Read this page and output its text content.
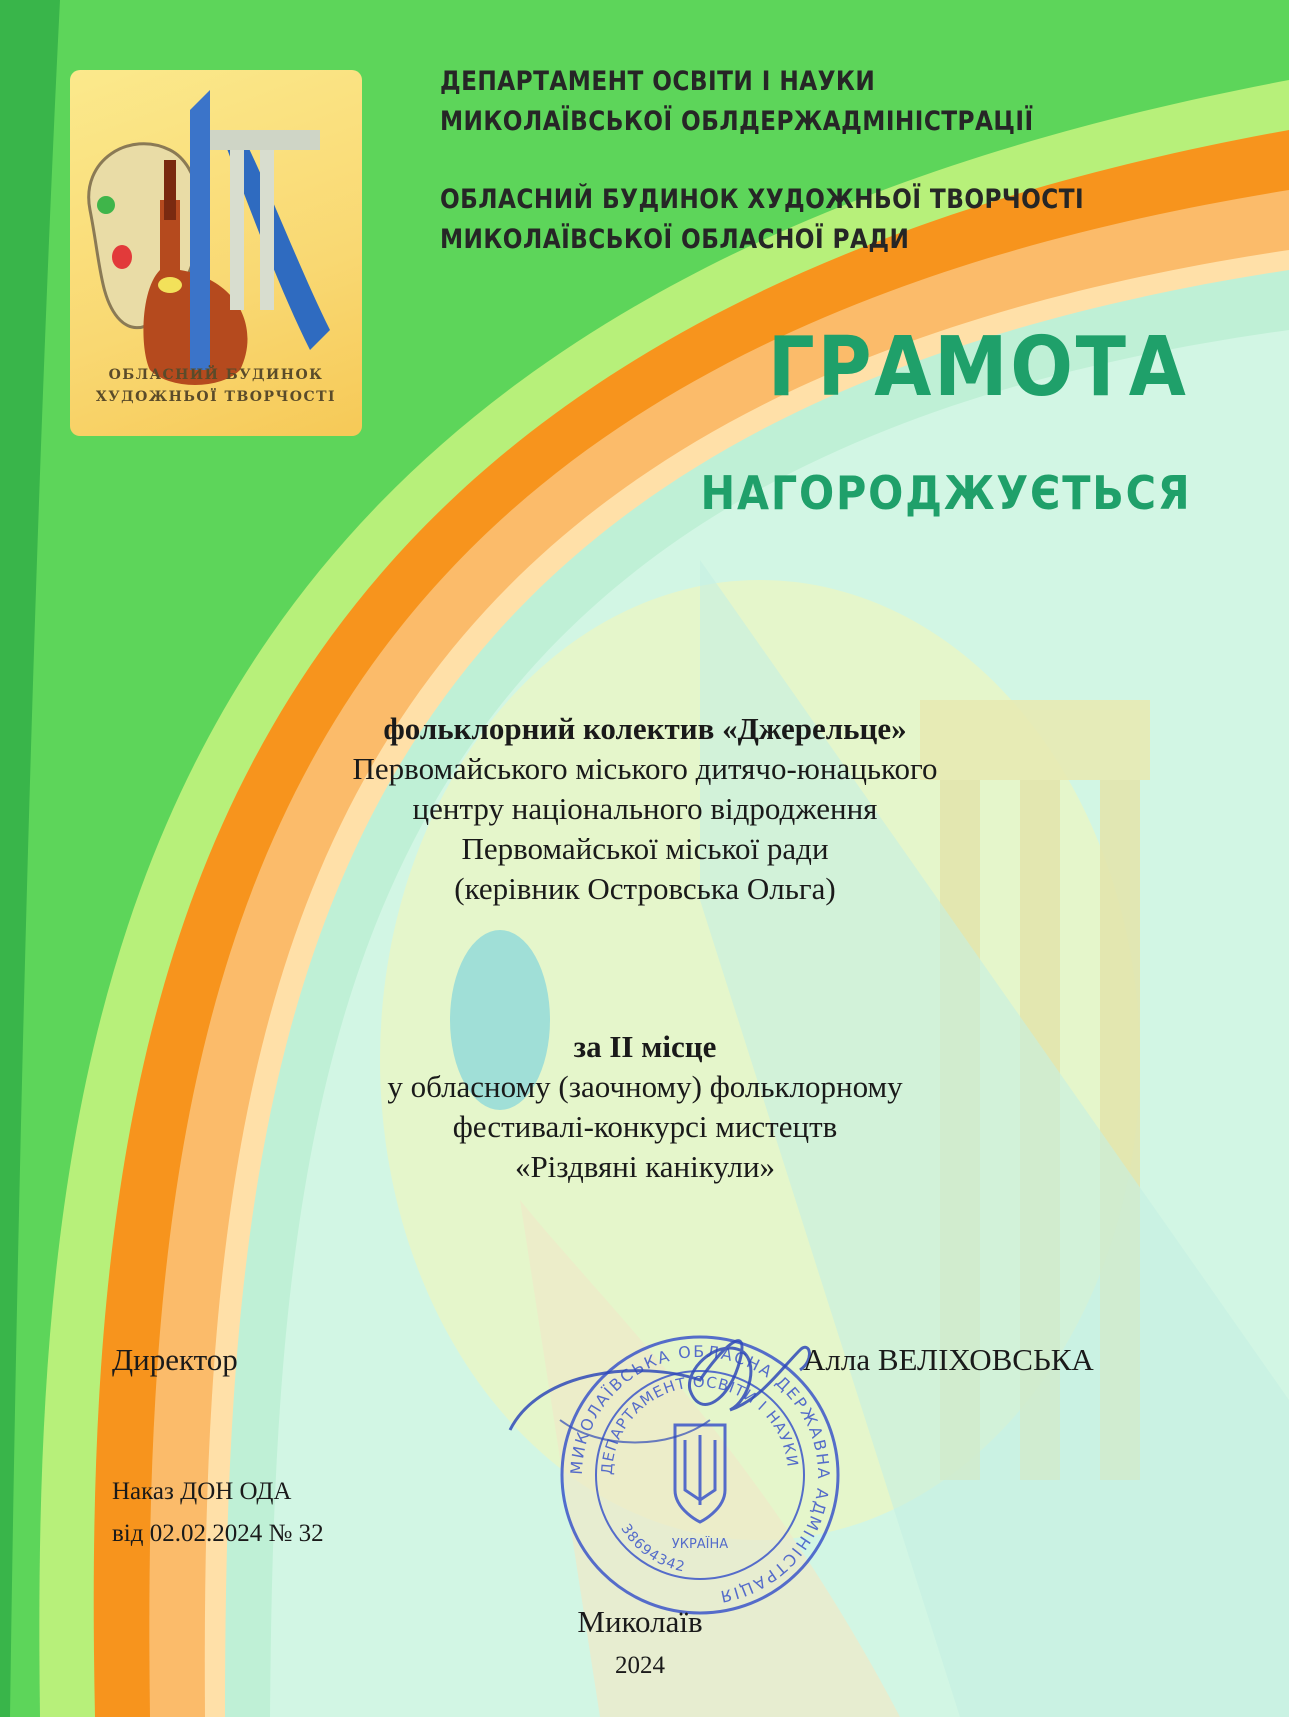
ОБЛАСНИЙ БУДИНОК
ХУДОЖНЬОЇ ТВОРЧОСТІ
ДЕПАРТАМЕНТ ОСВІТИ І НАУКИ
МИКОЛАЇВСЬКОЇ ОБЛДЕРЖАДМІНІСТРАЦІЇ
ОБЛАСНИЙ БУДИНОК ХУДОЖНЬОЇ ТВОРЧОСТІ
МИКОЛАЇВСЬКОЇ ОБЛАСНОЇ РАДИ
ГРАМОТА
НАГОРОДЖУЄТЬСЯ
фольклорний колектив «Джерельце»
Первомайського міського дитячо-юнацького
центру національного відродження
Первомайської міської ради
(керівник Островська Ольга)
за ІІ місце
у обласному (заочному) фольклорному
фестивалі-конкурсі мистецтв
«Різдвяні канікули»
МИКОЛАЇВСЬКА ОБЛАСНА ДЕРЖАВНА АДМІНІСТРАЦІЯ
ДЕПАРТАМЕНТ ОСВІТИ І НАУКИ
38694342
УКРАЇНА
Директор	Алла ВЕЛІХОВСЬКА
Наказ ДОН ОДА
від 02.02.2024 № 32
Миколаїв
2024
